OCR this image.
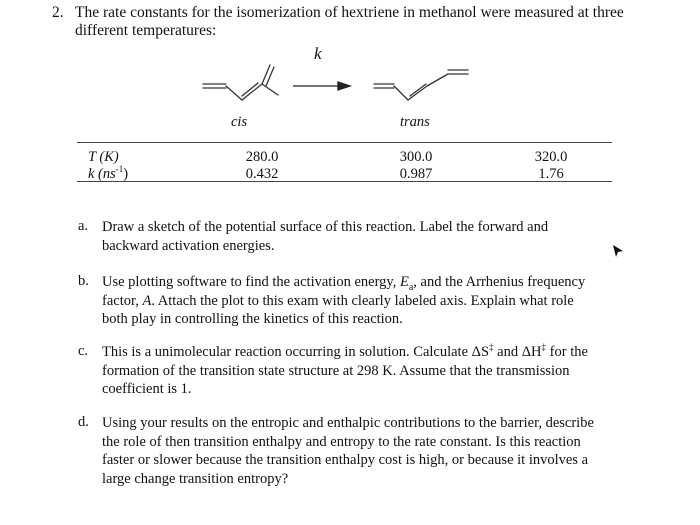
2. The rate constants for the isomerization of hextriene in methanol were measured at three different temperatures:
k
cis	trans
T (K)
k $(ns^{-1})$
280.0
0.432
300.0
0.987
320.0
1.76
a. Draw a sketch of the potential surface of this reaction. Label the forward and
backward activation energies.
b. Use plotting software to find the activation energy, $E_a$, and the Arrhenius frequency
factor, A. Attach the plot to this exam with clearly labeled axis. Explain what role
both play in controlling the kinetics of this reaction.
c. This is a unimolecular reaction occurring in solution. Calculate ΔS‡ and ΔH‡ for the
formation of the transition state structure at 298 K. Assume that the transmission
coefficient is 1.
d. Using your results on the entropic and enthalpic contributions to the barrier, describe
the role of then transition enthalpy and entropy to the rate constant. Is this reaction
faster or slower because the transition enthalpy cost is high, or because it involves a
large change transition entropy?
